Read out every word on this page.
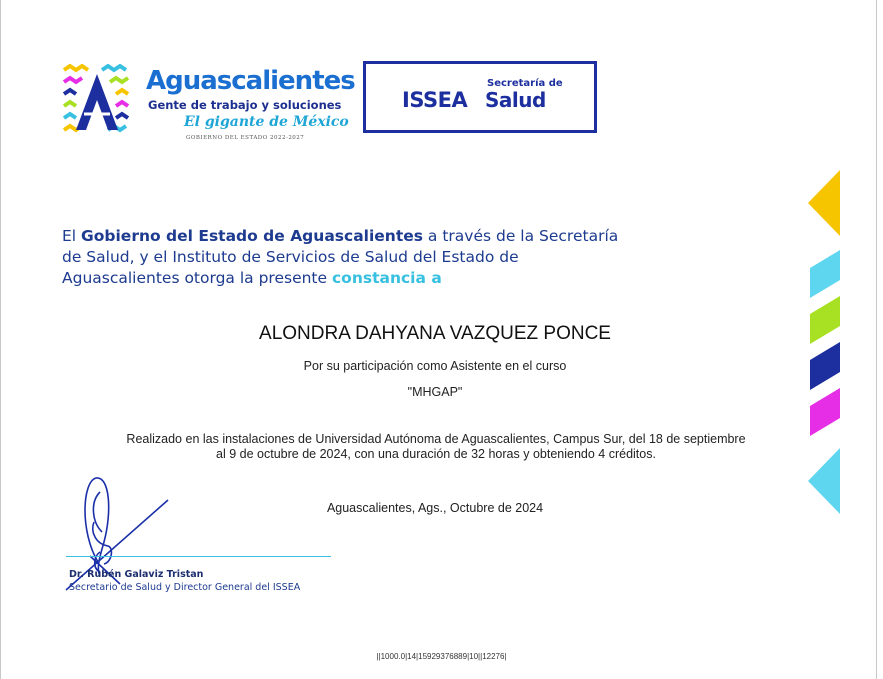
Aguascalientes
Gente de trabajo y soluciones
El gigante de México
GOBIERNO DEL ESTADO 2022-2027
ISSEA
Secretaría de
Salud
El Gobierno del Estado de Aguascalientes a través de la Secretaría de Salud, y el Instituto de Servicios de Salud del Estado de Aguascalientes otorga la presente constancia a
ALONDRA DAHYANA VAZQUEZ PONCE
Por su participación como Asistente en el curso
"MHGAP"
Realizado en las instalaciones de Universidad Autónoma de Aguascalientes, Campus Sur, del 18 de septiembre al 9 de octubre de 2024, con una duración de 32 horas y obteniendo 4 créditos.
Aguascalientes, Ags., Octubre de 2024
Dr. Rubén Galaviz Tristan
Secretario de Salud y Director General del ISSEA
||1000.0|14|15929376889|10||12276|
